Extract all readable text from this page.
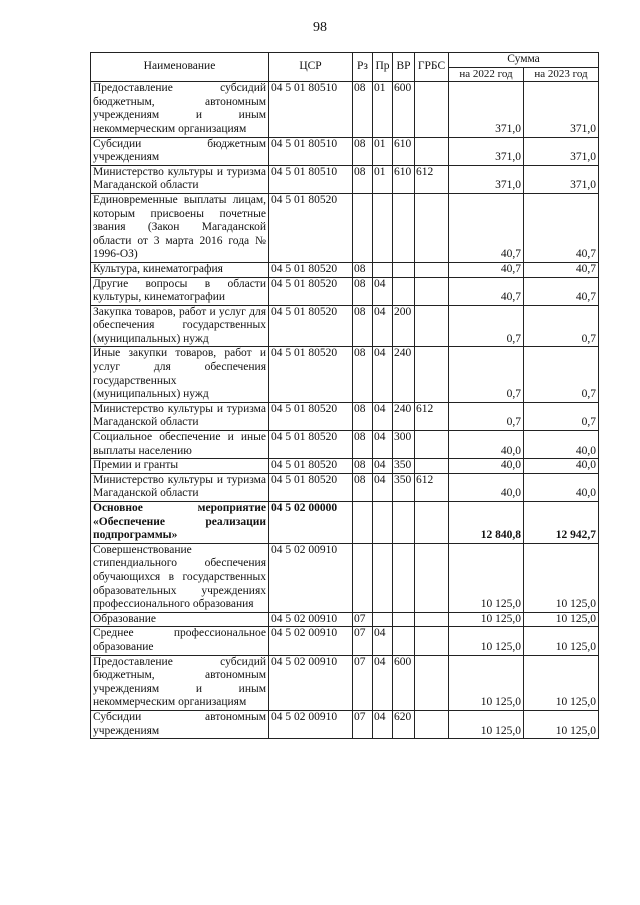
98
Наименование	ЦСР	Рз	Пр	ВР	ГРБС	Сумма	
						на 2022 год	на 2023 год
Предоставление субсидий бюджетным, автономным учреждениям и иным некоммерческим организациям	04 5 01 80510	08	01	600		371,0	371,0
Субсидии бюджетным учреждениям	04 5 01 80510	08	01	610		371,0	371,0
Министерство культуры и туризма Магаданской области	04 5 01 80510	08	01	610	612	371,0	371,0
Единовременные выплаты лицам, которым присвоены почетные звания (Закон Магаданской области от 3 марта 2016 года № 1996-ОЗ)	04 5 01 80520					40,7	40,7
Культура, кинематография	04 5 01 80520	08				40,7	40,7
Другие вопросы в области культуры, кинематографии	04 5 01 80520	08	04			40,7	40,7
Закупка товаров, работ и услуг для обеспечения государственных (муниципальных) нужд	04 5 01 80520	08	04	200		0,7	0,7
Иные закупки товаров, работ и услуг для обеспечения государственных (муниципальных) нужд	04 5 01 80520	08	04	240		0,7	0,7
Министерство культуры и туризма Магаданской области	04 5 01 80520	08	04	240	612	0,7	0,7
Социальное обеспечение и иные выплаты населению	04 5 01 80520	08	04	300		40,0	40,0
Премии и гранты	04 5 01 80520	08	04	350		40,0	40,0
Министерство культуры и туризма Магаданской области	04 5 01 80520	08	04	350	612	40,0	40,0
Основное мероприятие «Обеспечение реализации подпрограммы»	04 5 02 00000					12 840,8	12 942,7
Совершенствование стипендиального обеспечения обучающихся в государственных образовательных учреждениях профессионального образования	04 5 02 00910					10 125,0	10 125,0
Образование	04 5 02 00910	07				10 125,0	10 125,0
Среднее профессиональное образование	04 5 02 00910	07	04			10 125,0	10 125,0
Предоставление субсидий бюджетным, автономным учреждениям и иным некоммерческим организациям	04 5 02 00910	07	04	600		10 125,0	10 125,0
Субсидии автономным учреждениям	04 5 02 00910	07	04	620		10 125,0	10 125,0
